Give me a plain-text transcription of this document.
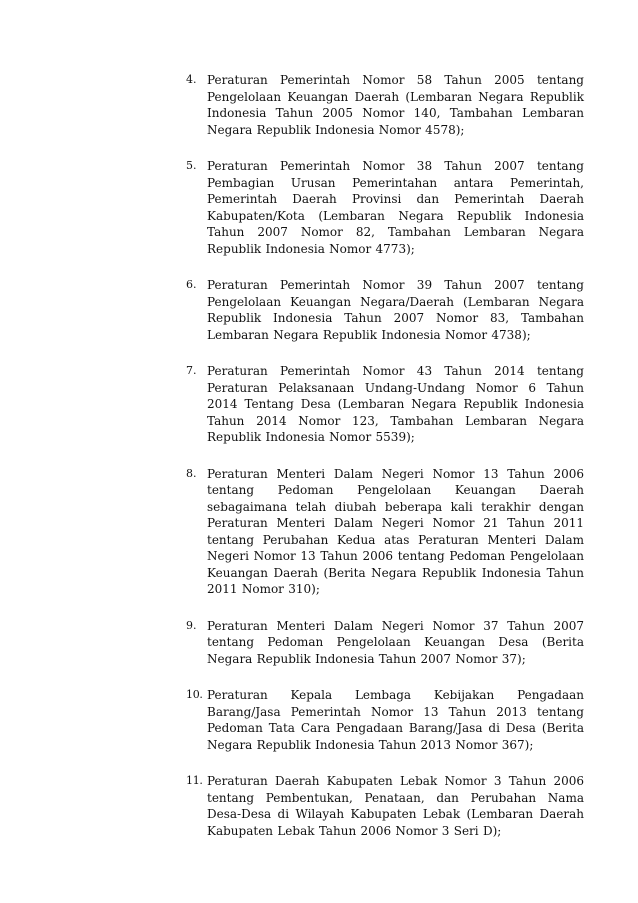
4. Peraturan Pemerintah Nomor 58 Tahun 2005 tentang Pengelolaan Keuangan Daerah (Lembaran Negara Republik Indonesia Tahun 2005 Nomor 140, Tambahan Lembaran Negara Republik Indonesia Nomor 4578);
5. Peraturan Pemerintah Nomor 38 Tahun 2007 tentang Pembagian Urusan Pemerintahan antara Pemerintah, Pemerintah Daerah Provinsi dan Pemerintah Daerah Kabupaten/Kota (Lembaran Negara Republik Indonesia Tahun 2007 Nomor 82, Tambahan Lembaran Negara Republik Indonesia Nomor 4773);
6. Peraturan Pemerintah Nomor 39 Tahun 2007 tentang Pengelolaan Keuangan Negara/Daerah (Lembaran Negara Republik Indonesia Tahun 2007 Nomor 83, Tambahan Lembaran Negara Republik Indonesia Nomor 4738);
7. Peraturan Pemerintah Nomor 43 Tahun 2014 tentang Peraturan Pelaksanaan Undang-Undang Nomor 6 Tahun 2014 Tentang Desa (Lembaran Negara Republik Indonesia Tahun 2014 Nomor 123, Tambahan Lembaran Negara Republik Indonesia Nomor 5539);
8. Peraturan Menteri Dalam Negeri Nomor 13 Tahun 2006 tentang Pedoman Pengelolaan Keuangan Daerah sebagaimana telah diubah beberapa kali terakhir dengan Peraturan Menteri Dalam Negeri Nomor 21 Tahun 2011 tentang Perubahan Kedua atas Peraturan Menteri Dalam Negeri Nomor 13 Tahun 2006 tentang Pedoman Pengelolaan Keuangan Daerah (Berita Negara Republik Indonesia Tahun 2011 Nomor 310);
9. Peraturan Menteri Dalam Negeri Nomor 37 Tahun 2007 tentang Pedoman Pengelolaan Keuangan Desa (Berita Negara Republik Indonesia Tahun 2007 Nomor 37);
10. Peraturan Kepala Lembaga Kebijakan Pengadaan Barang/Jasa Pemerintah Nomor 13 Tahun 2013 tentang Pedoman Tata Cara Pengadaan Barang/Jasa di Desa (Berita Negara Republik Indonesia Tahun 2013 Nomor 367);
11. Peraturan Daerah Kabupaten Lebak Nomor 3 Tahun 2006 tentang Pembentukan, Penataan, dan Perubahan Nama Desa-Desa di Wilayah Kabupaten Lebak (Lembaran Daerah Kabupaten Lebak Tahun 2006 Nomor 3 Seri D);
